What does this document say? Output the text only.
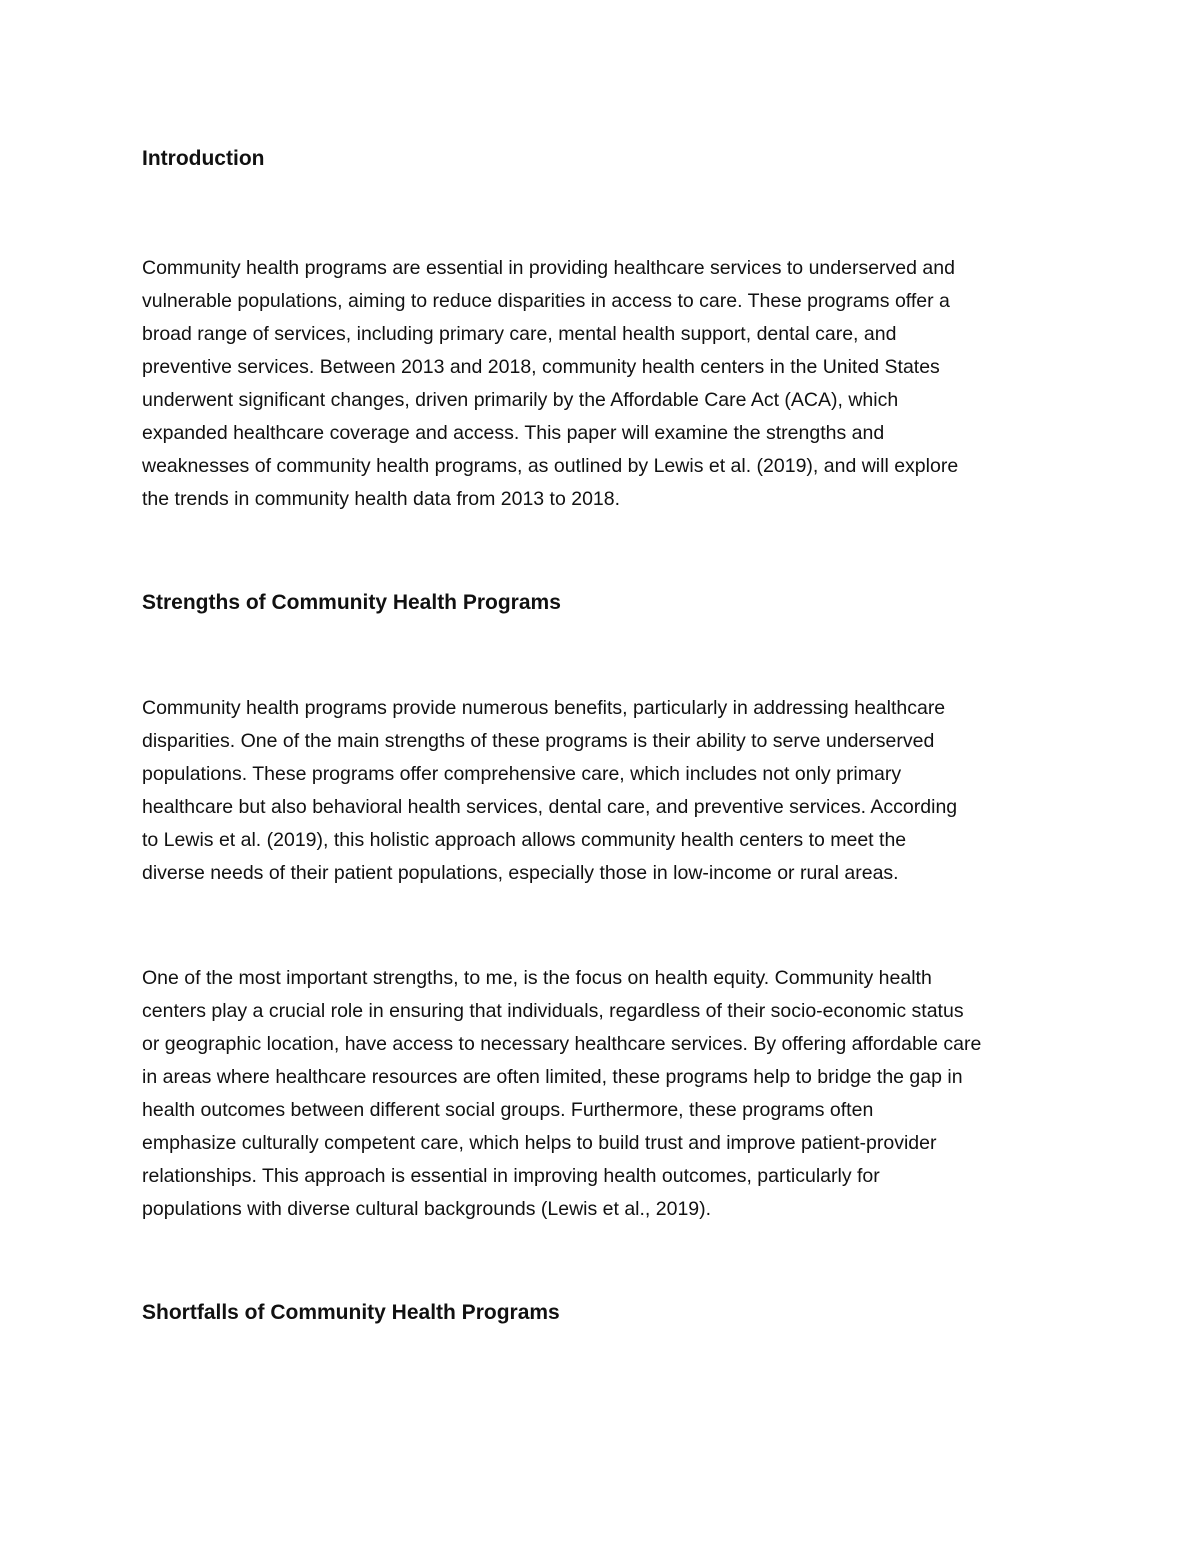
Introduction

Community health programs are essential in providing healthcare services to underserved and
vulnerable populations, aiming to reduce disparities in access to care. These programs offer a
broad range of services, including primary care, mental health support, dental care, and
preventive services. Between 2013 and 2018, community health centers in the United States
underwent significant changes, driven primarily by the Affordable Care Act (ACA), which
expanded healthcare coverage and access. This paper will examine the strengths and
weaknesses of community health programs, as outlined by Lewis et al. (2019), and will explore
the trends in community health data from 2013 to 2018.

Strengths of Community Health Programs

Community health programs provide numerous benefits, particularly in addressing healthcare
disparities. One of the main strengths of these programs is their ability to serve underserved
populations. These programs offer comprehensive care, which includes not only primary
healthcare but also behavioral health services, dental care, and preventive services. According
to Lewis et al. (2019), this holistic approach allows community health centers to meet the
diverse needs of their patient populations, especially those in low-income or rural areas.

One of the most important strengths, to me, is the focus on health equity. Community health
centers play a crucial role in ensuring that individuals, regardless of their socio-economic status
or geographic location, have access to necessary healthcare services. By offering affordable care
in areas where healthcare resources are often limited, these programs help to bridge the gap in
health outcomes between different social groups. Furthermore, these programs often
emphasize culturally competent care, which helps to build trust and improve patient-provider
relationships. This approach is essential in improving health outcomes, particularly for
populations with diverse cultural backgrounds (Lewis et al., 2019).

Shortfalls of Community Health Programs
